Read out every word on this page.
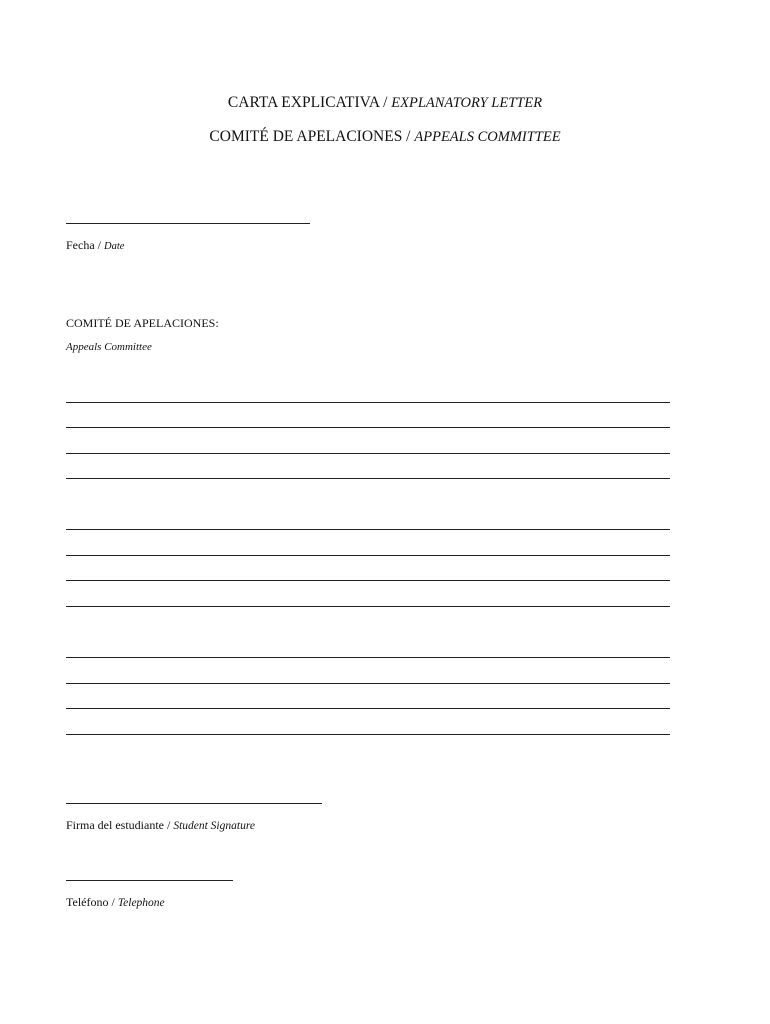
CARTA EXPLICATIVA / EXPLANATORY LETTER
COMITÉ DE APELACIONES / APPEALS COMMITTEE
Fecha / Date
COMITÉ DE APELACIONES:
Appeals Committee
Firma del estudiante / Student Signature
Teléfono / Telephone
